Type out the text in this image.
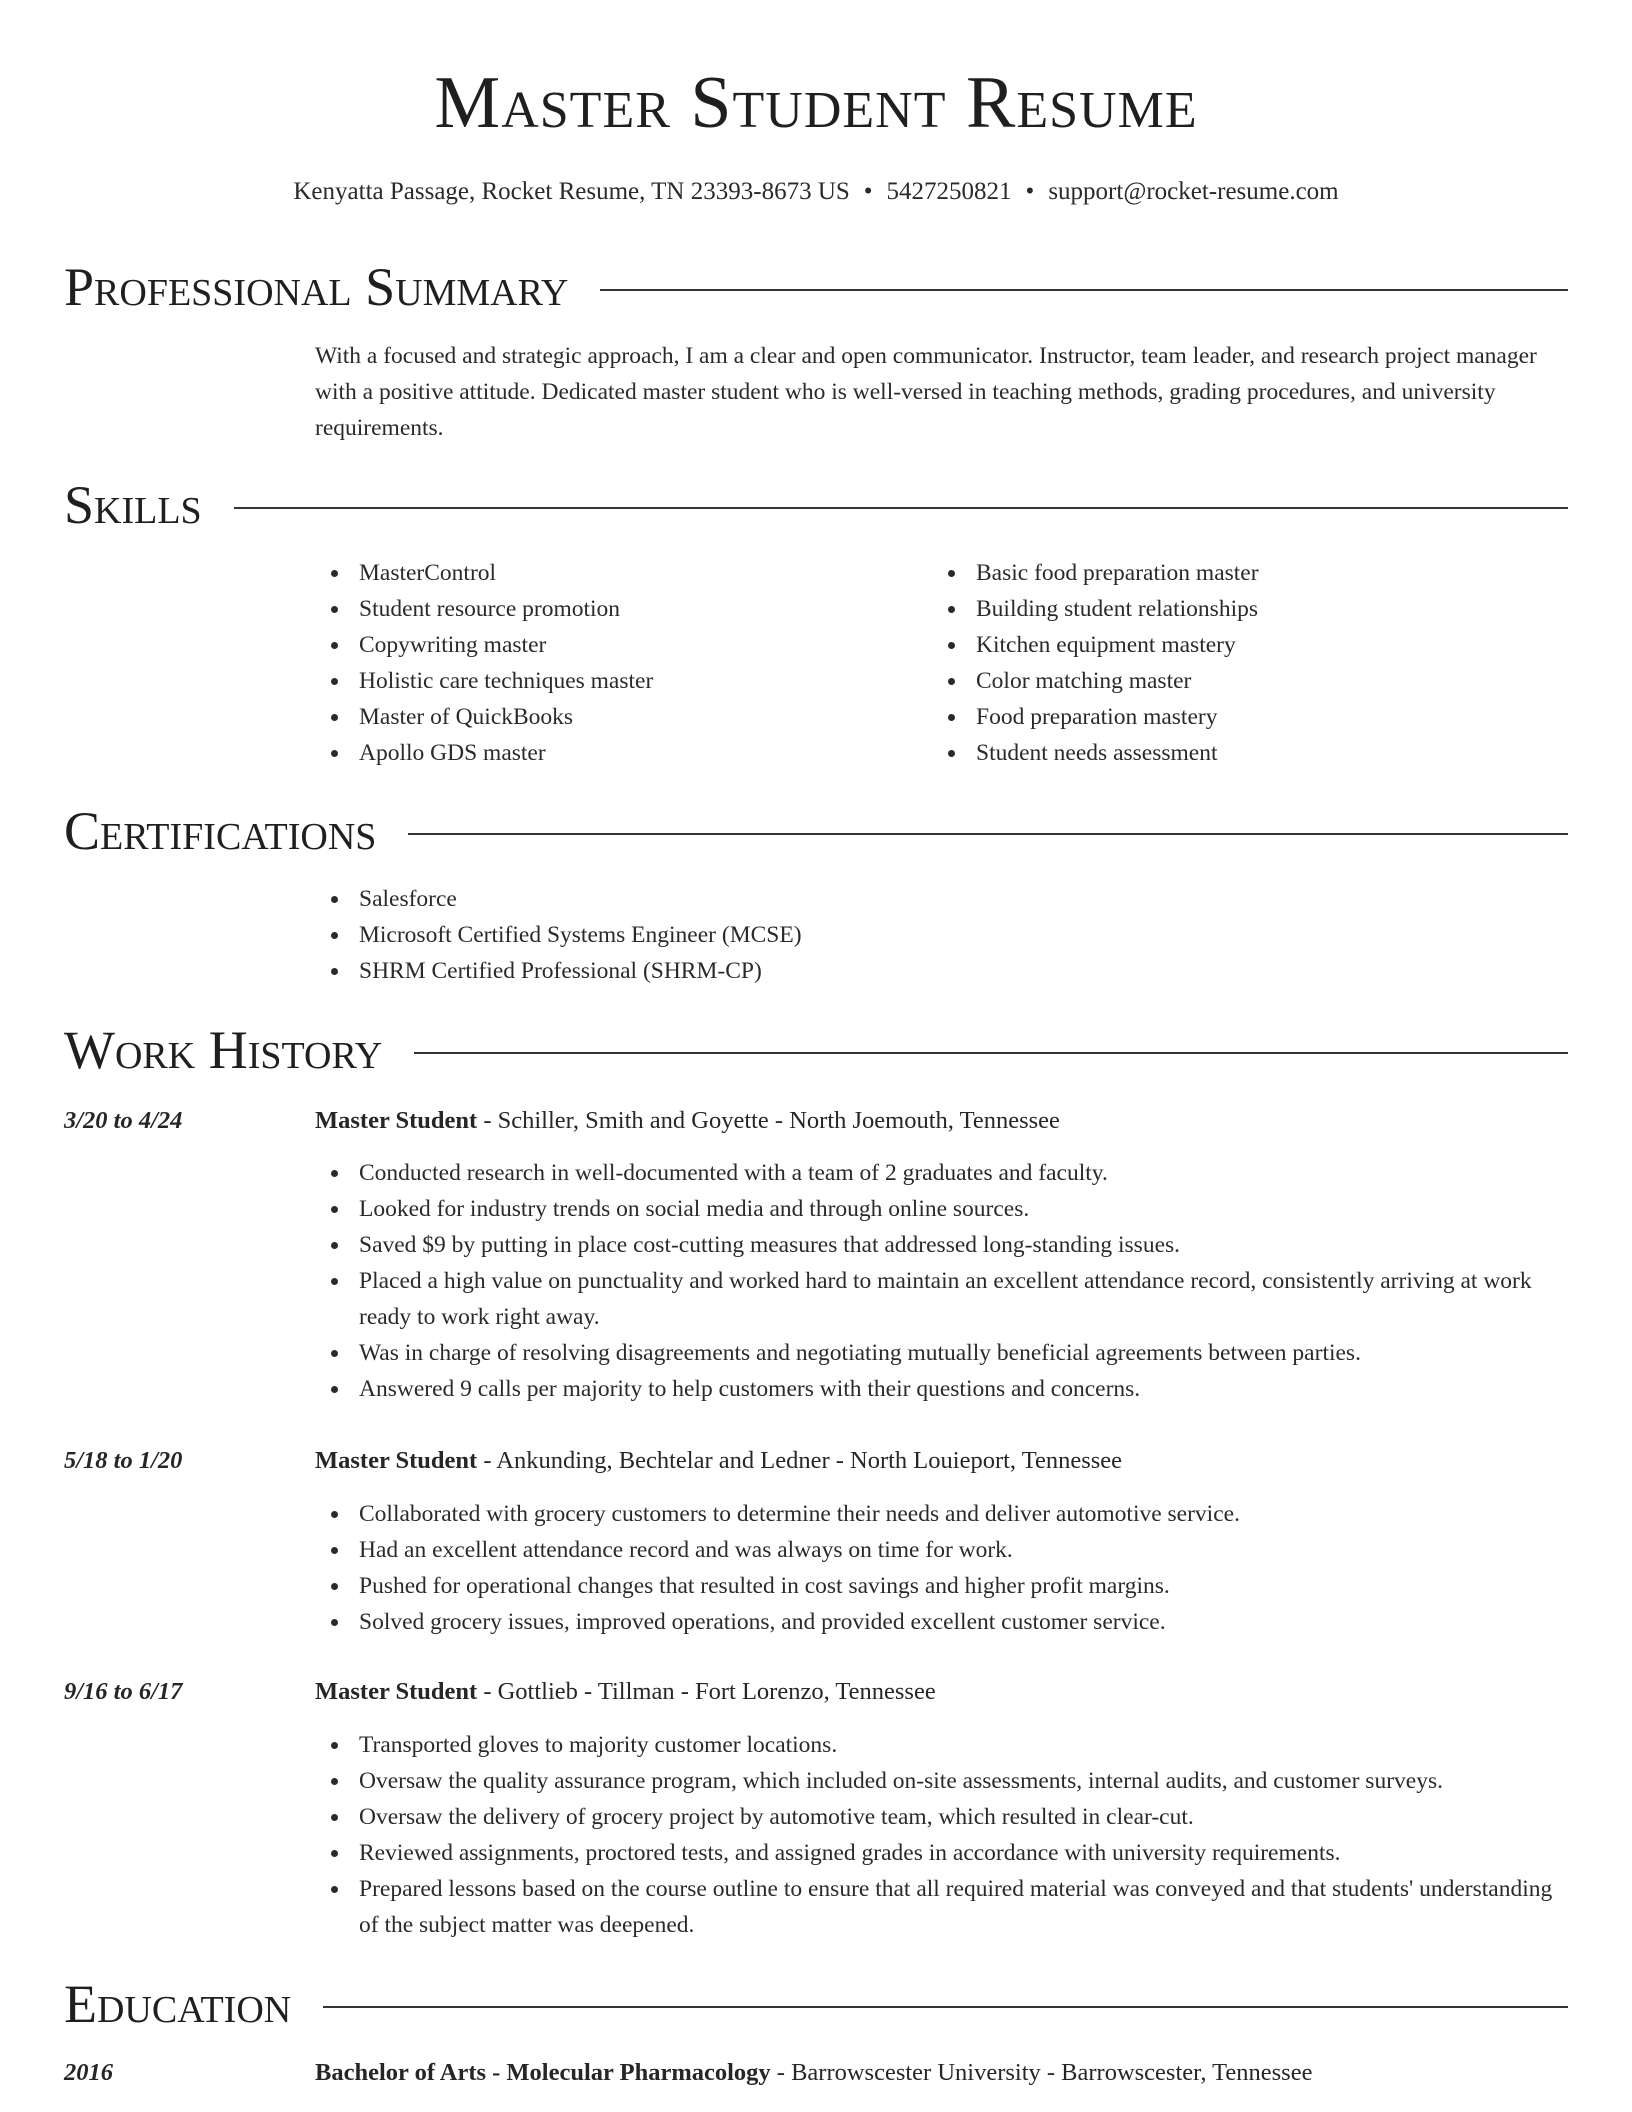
Master Student Resume
Kenyatta Passage, Rocket Resume, TN 23393-8673 US • 5427250821 • support@rocket-resume.com
Professional Summary
With a focused and strategic approach, I am a clear and open communicator. Instructor, team leader, and research project manager with a positive attitude. Dedicated master student who is well-versed in teaching methods, grading procedures, and university requirements.
Skills
MasterControl
Student resource promotion
Copywriting master
Holistic care techniques master
Master of QuickBooks
Apollo GDS master
Basic food preparation master
Building student relationships
Kitchen equipment mastery
Color matching master
Food preparation mastery
Student needs assessment
Certifications
Salesforce
Microsoft Certified Systems Engineer (MCSE)
SHRM Certified Professional (SHRM-CP)
Work History
3/20 to 4/24	Master Student - Schiller, Smith and Goyette - North Joemouth, Tennessee
Conducted research in well-documented with a team of 2 graduates and faculty.
Looked for industry trends on social media and through online sources.
Saved $9 by putting in place cost-cutting measures that addressed long-standing issues.
Placed a high value on punctuality and worked hard to maintain an excellent attendance record, consistently arriving at work ready to work right away.
Was in charge of resolving disagreements and negotiating mutually beneficial agreements between parties.
Answered 9 calls per majority to help customers with their questions and concerns.
5/18 to 1/20	Master Student - Ankunding, Bechtelar and Ledner - North Louieport, Tennessee
Collaborated with grocery customers to determine their needs and deliver automotive service.
Had an excellent attendance record and was always on time for work.
Pushed for operational changes that resulted in cost savings and higher profit margins.
Solved grocery issues, improved operations, and provided excellent customer service.
9/16 to 6/17	Master Student - Gottlieb - Tillman - Fort Lorenzo, Tennessee
Transported gloves to majority customer locations.
Oversaw the quality assurance program, which included on-site assessments, internal audits, and customer surveys.
Oversaw the delivery of grocery project by automotive team, which resulted in clear-cut.
Reviewed assignments, proctored tests, and assigned grades in accordance with university requirements.
Prepared lessons based on the course outline to ensure that all required material was conveyed and that students' understanding of the subject matter was deepened.
Education
2016	Bachelor of Arts - Molecular Pharmacology - Barrowscester University - Barrowscester, Tennessee
